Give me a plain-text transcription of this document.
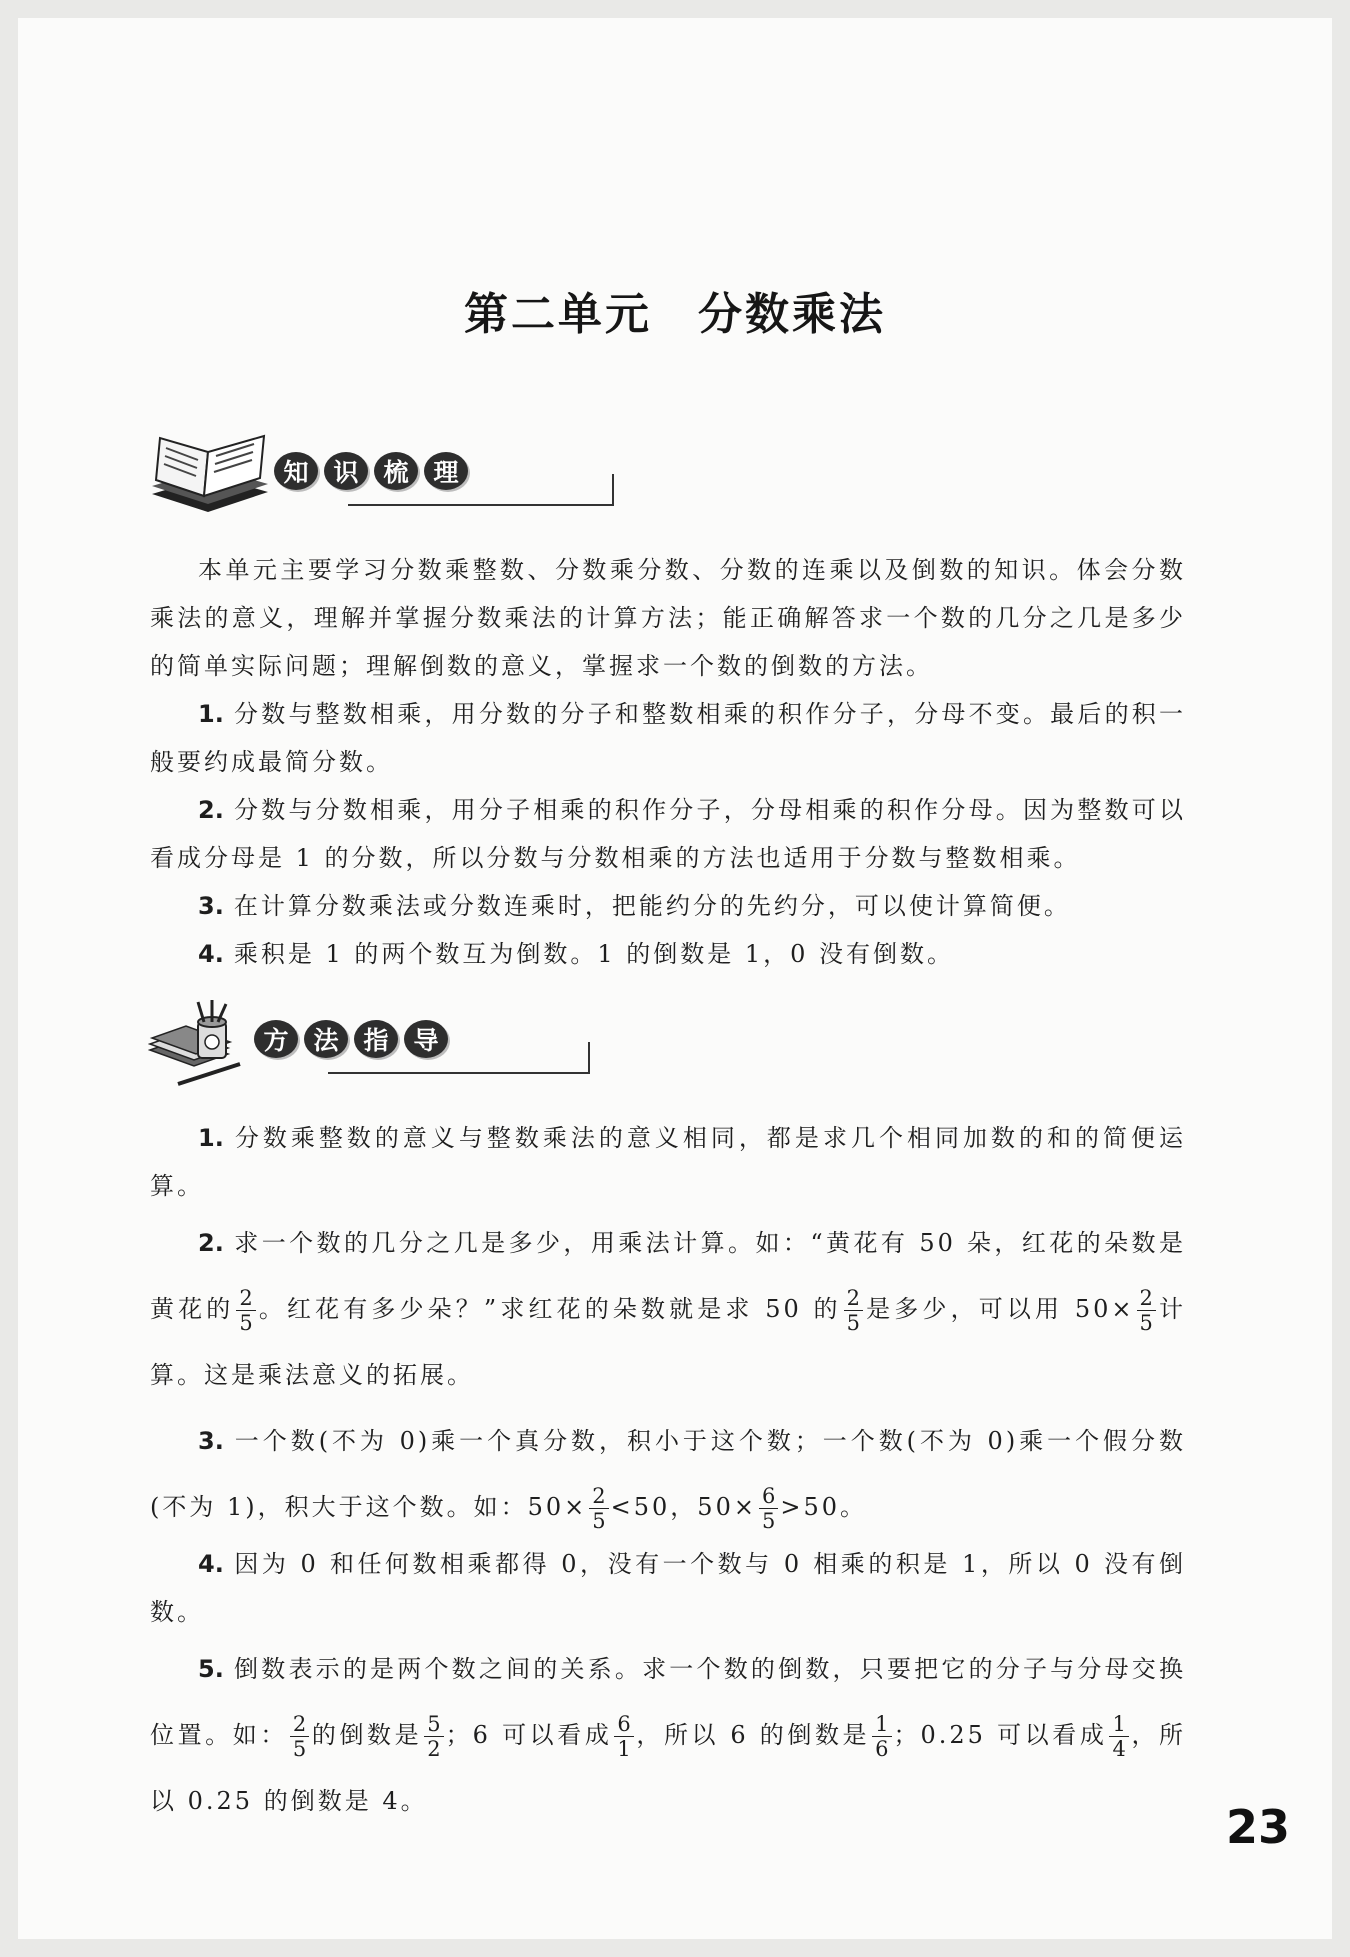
第二单元 分数乘法
知 识 梳 理

本单元主要学习分数乘整数、分数乘分数、分数的连乘以及倒数的知识。体会分数乘法的意义，理解并掌握分数乘法的计算方法；能正确解答求一个数的几分之几是多少的简单实际问题；理解倒数的意义，掌握求一个数的倒数的方法。

1. 分数与整数相乘，用分数的分子和整数相乘的积作分子，分母不变。最后的积一般要约成最简分数。

2. 分数与分数相乘，用分子相乘的积作分子，分母相乘的积作分母。因为整数可以看成分母是 1 的分数，所以分数与分数相乘的方法也适用于分数与整数相乘。

3. 在计算分数乘法或分数连乘时，把能约分的先约分，可以使计算简便。

4. 乘积是 1 的两个数互为倒数。1 的倒数是 1，0 没有倒数。

方 法 指 导

1. 分数乘整数的意义与整数乘法的意义相同，都是求几个相同加数的和的简便运算。

2. 求一个数的几分之几是多少，用乘法计算。如：“黄花有 50 朵，红花的朵数是黄花的 $\frac{2}{5}$ 。红花有多少朵？”求红花的朵数就是求 50 的 $\frac{2}{5}$ 是多少，可以用 $50\times \frac{2}{5}$ 计算。这是乘法意义的拓展。

3. 一个数(不为 0)乘一个真分数，积小于这个数；一个数(不为 0)乘一个假分数(不为 1)，积大于这个数。如：$50\times \frac{2}{5} <50$，$50\times \frac{6}{5} >50$。

4. 因为 0 和任何数相乘都得 0，没有一个数与 0 相乘的积是 1，所以 0 没有倒数。

5. 倒数表示的是两个数之间的关系。求一个数的倒数，只要把它的分子与分母交换位置。如： $\frac{2}{5}$ 的倒数是 $\frac{5}{2}$ ；6 可以看成 $\frac{6}{1}$ ，所以 6 的倒数是 $\frac{1}{6}$ ；0.25 可以看成 $\frac{1}{4}$ ，所以 0.25 的倒数是 4。	23
